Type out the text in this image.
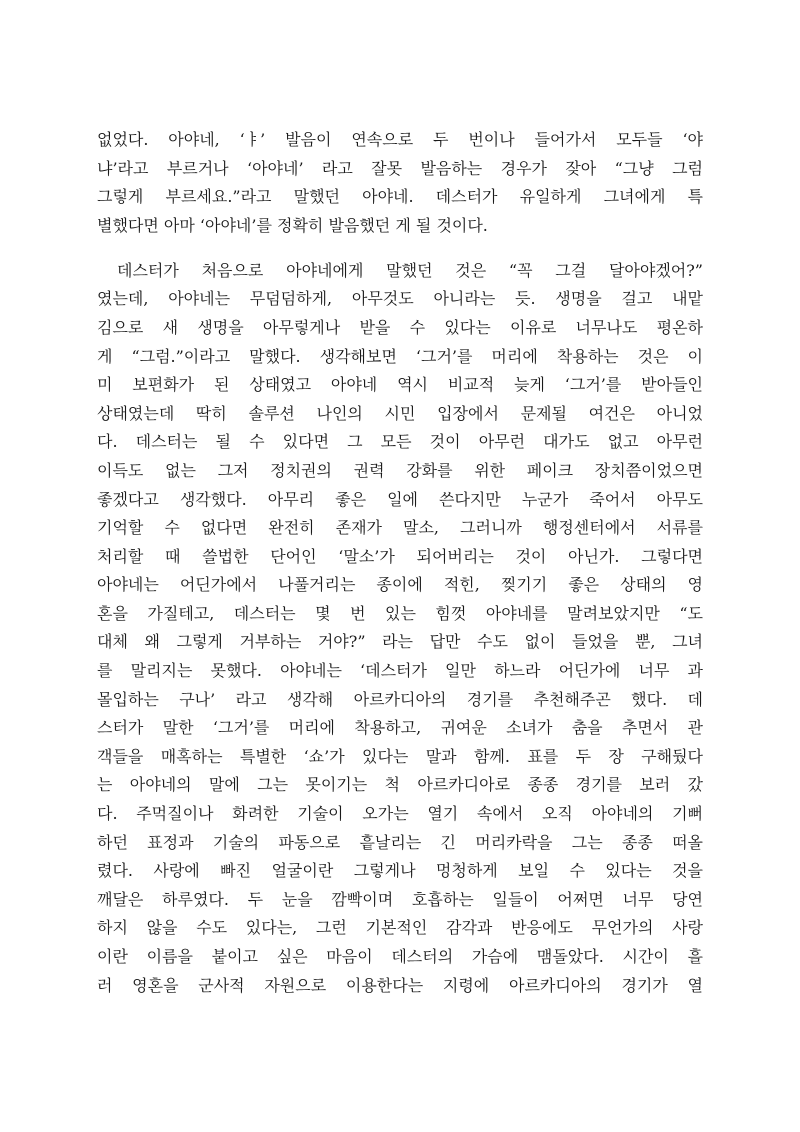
없었다. 아야네, ‘ㅑ’ 발음이 연속으로 두 번이나 들어가서 모두들 ‘야
냐’라고 부르거나 ‘아야네’ 라고 잘못 발음하는 경우가 잦아 “그냥 그럼
그렇게 부르세요.”라고 말했던 아야네. 데스터가 유일하게 그녀에게 특
별했다면 아마 ‘아야네’를 정확히 발음했던 게 될 것이다.
데스터가 처음으로 아야네에게 말했던 것은 “꼭 그걸 달아야겠어?”
였는데, 아야네는 무덤덤하게, 아무것도 아니라는 듯. 생명을 걸고 내맡
김으로 새 생명을 아무렇게나 받을 수 있다는 이유로 너무나도 평온하
게 “그럼.”이라고 말했다. 생각해보면 ‘그거’를 머리에 착용하는 것은 이
미 보편화가 된 상태였고 아야네 역시 비교적 늦게 ‘그거’를 받아들인
상태였는데 딱히 솔루션 나인의 시민 입장에서 문제될 여건은 아니었
다. 데스터는 될 수 있다면 그 모든 것이 아무런 대가도 없고 아무런
이득도 없는 그저 정치권의 권력 강화를 위한 페이크 장치쯤이었으면
좋겠다고 생각했다. 아무리 좋은 일에 쓴다지만 누군가 죽어서 아무도
기억할 수 없다면 완전히 존재가 말소, 그러니까 행정센터에서 서류를
처리할 때 쓸법한 단어인 ‘말소’가 되어버리는 것이 아닌가. 그렇다면
아야네는 어딘가에서 나풀거리는 종이에 적힌, 찢기기 좋은 상태의 영
혼을 가질테고, 데스터는 몇 번 있는 힘껏 아야네를 말려보았지만 “도
대체 왜 그렇게 거부하는 거야?” 라는 답만 수도 없이 들었을 뿐, 그녀
를 말리지는 못했다. 아야네는 ‘데스터가 일만 하느라 어딘가에 너무 과
몰입하는 구나’ 라고 생각해 아르카디아의 경기를 추천해주곤 했다. 데
스터가 말한 ‘그거’를 머리에 착용하고, 귀여운 소녀가 춤을 추면서 관
객들을 매혹하는 특별한 ‘쇼’가 있다는 말과 함께. 표를 두 장 구해뒀다
는 아야네의 말에 그는 못이기는 척 아르카디아로 종종 경기를 보러 갔
다. 주먹질이나 화려한 기술이 오가는 열기 속에서 오직 아야네의 기뻐
하던 표정과 기술의 파동으로 흩날리는 긴 머리카락을 그는 종종 떠올
렸다. 사랑에 빠진 얼굴이란 그렇게나 멍청하게 보일 수 있다는 것을
깨달은 하루였다. 두 눈을 깜빡이며 호흡하는 일들이 어쩌면 너무 당연
하지 않을 수도 있다는, 그런 기본적인 감각과 반응에도 무언가의 사랑
이란 이름을 붙이고 싶은 마음이 데스터의 가슴에 맴돌았다. 시간이 흘
러 영혼을 군사적 자원으로 이용한다는 지령에 아르카디아의 경기가 열
